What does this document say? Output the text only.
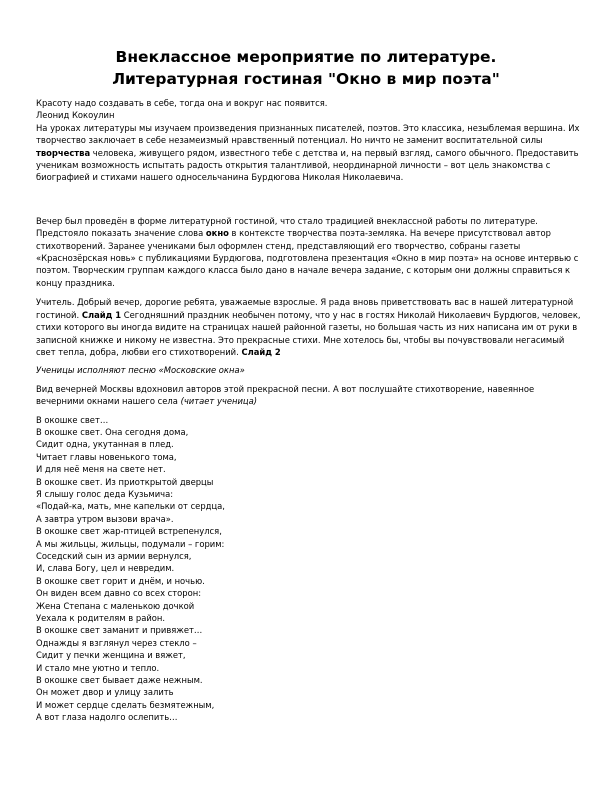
Внеклассное мероприятие по литературе.
Литературная гостиная "Окно в мир поэта"

Красоту надо создавать в себе, тогда она и вокруг нас появится.

Леонид Кокоулин

На уроках литературы мы изучаем произведения признанных писателей, поэтов. Это классика, незыблемая вершина. Их творчество заключает в себе незамеизмый нравственный потенциал. Но ничто не заменит воспитательной силы творчества человека, живущего рядом, известного тебе с детства и, на первый взгляд, самого обычного. Предоставить ученикам возможность испытать радость открытия талантливой, неординарной личности – вот цель знакомства с биографией и стихами нашего односельчанина Бурдюгова Николая Николаевича.

Вечер был проведён в форме литературной гостиной, что стало традицией внеклассной работы по литературе. Предстояло показать значение слова окно в контексте творчества поэта-земляка. На вечере присутствовал автор стихотворений. Заранее учениками был оформлен стенд, представляющий его творчество, собраны газеты «Краснозёрская новь» с публикациями Бурдюгова, подготовлена презентация «Окно в мир поэта» на основе интервью с поэтом. Творческим группам каждого класса было дано в начале вечера задание, с которым они должны справиться к концу праздника.

Учитель. Добрый вечер, дорогие ребята, уважаемые взрослые. Я рада вновь приветствовать вас в нашей литературной гостиной. Слайд 1 Сегодняшний праздник необычен потому, что у нас в гостях Николай Николаевич Бурдюгов, человек, стихи которого вы иногда видите на страницах нашей районной газеты, но большая часть из них написана им от руки в записной книжке и никому не известна. Это прекрасные стихи. Мне хотелось бы, чтобы вы почувствовали негасимый свет тепла, добра, любви его стихотворений. Слайд 2

Ученицы исполняют песню «Московские окна»

Вид вечерней Москвы вдохновил авторов этой прекрасной песни. А вот послушайте стихотворение, навеянное вечерними окнами нашего села (читает ученица)

В окошке свет…
В окошке свет. Она сегодня дома,
Сидит одна, укутанная в плед.
Читает главы новенького тома,
И для неё меня на свете нет.
В окошке свет. Из приоткрытой дверцы
Я слышу голос деда Кузьмича:
«Подай-ка, мать, мне капельки от сердца,
А завтра утром вызови врача».
В окошке свет жар-птицей встрепенулся,
А мы жильцы, жильцы, подумали – горим:
Соседский сын из армии вернулся,
И, слава Богу, цел и невредим.
В окошке свет горит и днём, и ночью.
Он виден всем давно со всех сторон:
Жена Степана с маленькою дочкой
Уехала к родителям в район.
В окошке свет заманит и привяжет…
Однажды я взглянул через стекло –
Сидит у печки женщина и вяжет,
И стало мне уютно и тепло.
В окошке свет бывает даже нежным.
Он может двор и улицу залить
И может сердце сделать безмятежным,
А вот глаза надолго ослепить…
